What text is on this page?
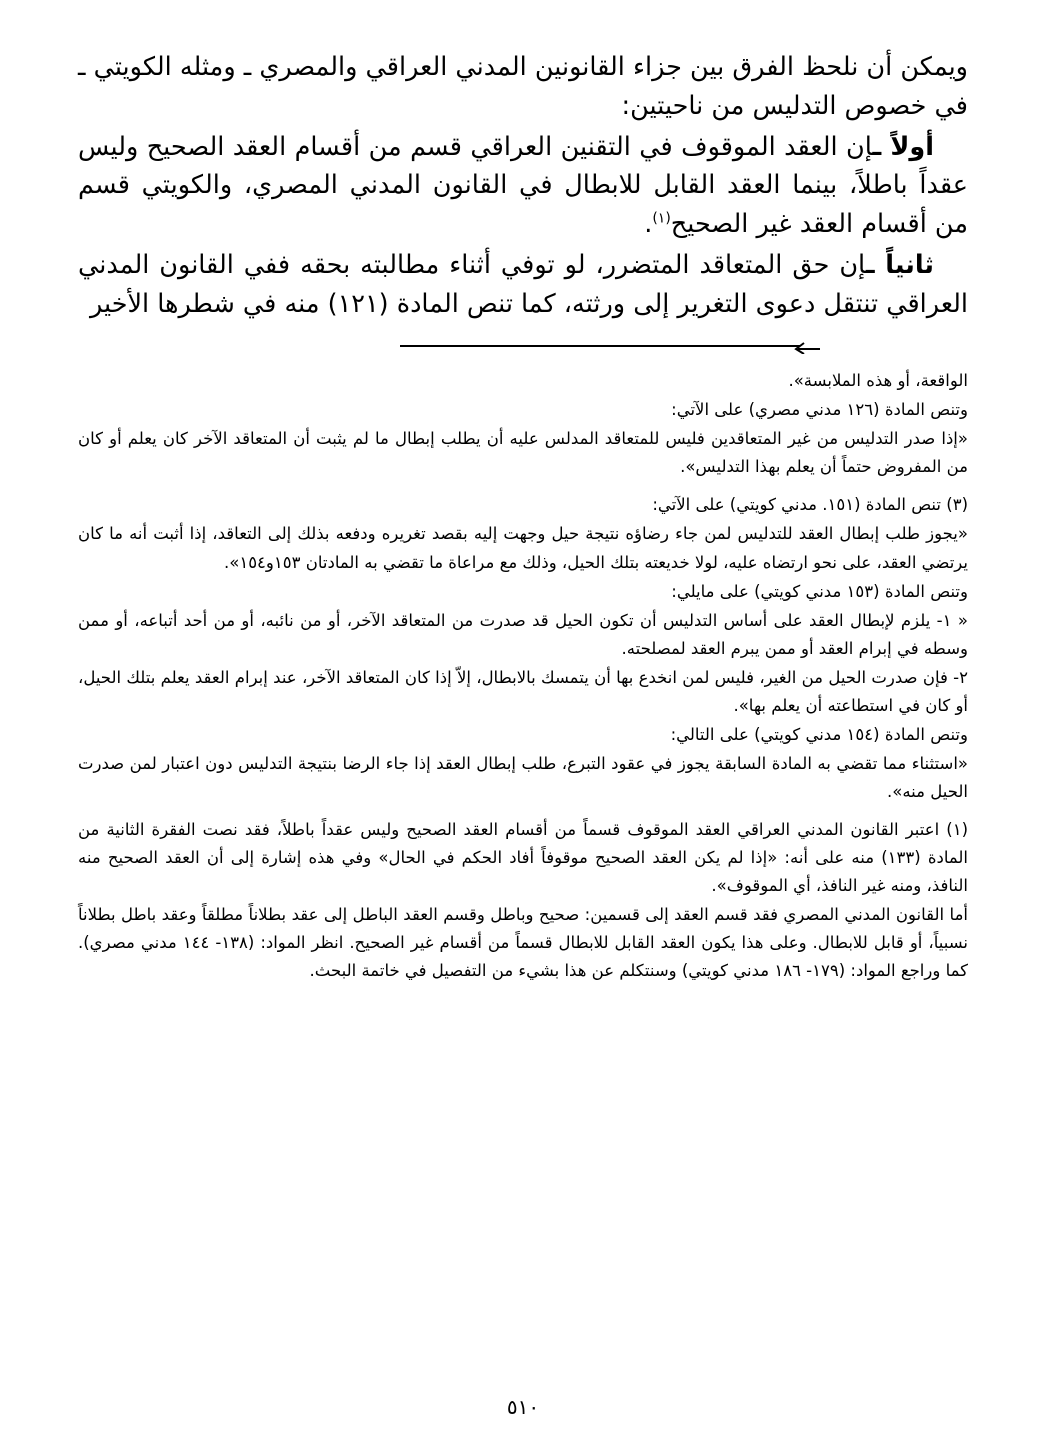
ويمكن أن نلحظ الفرق بين جزاء القانونين المدني العراقي والمصري ـ ومثله الكويتي ـ في خصوص التدليس من ناحيتين:

أولاً ـإن العقد الموقوف في التقنين العراقي قسم من أقسام العقد الصحيح وليس عقداً باطلاً، بينما العقد القابل للابطال في القانون المدني المصري، والكويتي قسم من أقسام العقد غير الصحيح$^{(١)}$.

ثانياً ـإن حق المتعاقد المتضرر، لو توفي أثناء مطالبته بحقه ففي القانون المدني العراقي تنتقل دعوى التغرير إلى ورثته، كما تنص المادة (١٢١) منه في شطرها الأخير

الواقعة، أو هذه الملابسة».

وتنص المادة (١٢٦ مدني مصري) على الآتي:

«إذا صدر التدليس من غير المتعاقدين فليس للمتعاقد المدلس عليه أن يطلب إبطال ما لم يثبت أن المتعاقد الآخر كان يعلم أو كان من المفروض حتماً أن يعلم بهذا التدليس».

(٣) تنص المادة (١٥١. مدني كويتي) على الآتي:

«يجوز طلب إبطال العقد للتدليس لمن جاء رضاؤه نتيجة حيل وجهت إليه بقصد تغريره ودفعه بذلك إلى التعاقد، إذا أثبت أنه ما كان يرتضي العقد، على نحو ارتضاه عليه، لولا خديعته بتلك الحيل، وذلك مع مراعاة ما تقضي به المادتان ١٥٣و١٥٤».

وتنص المادة (١٥٣ مدني كويتي) على مايلي:

« ١- يلزم لإبطال العقد على أساس التدليس أن تكون الحيل قد صدرت من المتعاقد الآخر، أو من نائبه، أو من أحد أتباعه، أو ممن وسطه في إبرام العقد أو ممن يبرم العقد لمصلحته.

٢- فإن صدرت الحيل من الغير، فليس لمن انخدع بها أن يتمسك بالابطال، إلاّ إذا كان المتعاقد الآخر، عند إبرام العقد يعلم بتلك الحيل، أو كان في استطاعته أن يعلم بها».

وتنص المادة (١٥٤ مدني كويتي) على التالي:

«استثناء مما تقضي به المادة السابقة يجوز في عقود التبرع، طلب إبطال العقد إذا جاء الرضا بنتيجة التدليس دون اعتبار لمن صدرت الحيل منه».

(١) اعتبر القانون المدني العراقي العقد الموقوف قسماً من أقسام العقد الصحيح وليس عقداً باطلاً، فقد نصت الفقرة الثانية من المادة (١٣٣) منه على أنه: «إذا لم يكن العقد الصحيح موقوفاً أفاد الحكم في الحال» وفي هذه إشارة إلى أن العقد الصحيح منه النافذ، ومنه غير النافذ، أي الموقوف».

أما القانون المدني المصري فقد قسم العقد إلى قسمين: صحيح وباطل وقسم العقد الباطل إلى عقد بطلاناً مطلقاً وعقد باطل بطلاناً نسبياً، أو قابل للابطال. وعلى هذا يكون العقد القابل للابطال قسماً من أقسام غير الصحيح. انظر المواد: (١٣٨- ١٤٤ مدني مصري). كما وراجع المواد: (١٧٩- ١٨٦ مدني كويتي) وسنتكلم عن هذا بشيء من التفصيل في خاتمة البحث.

٥١٠
